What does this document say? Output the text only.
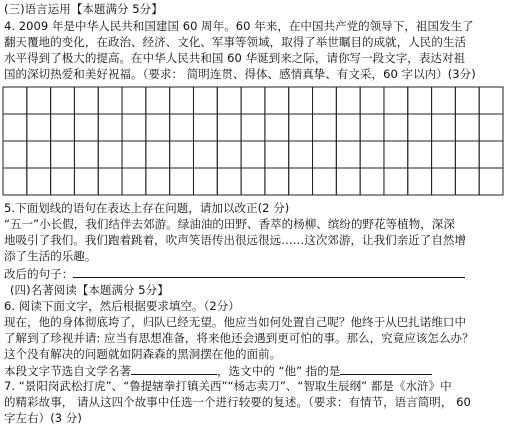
(三)语言运用【本题满分 5分】
4. 2009 年是中华人民共和国建国 60 周年。60 年来，在中国共产党的领导下，祖国发生了
翻天覆地的变化，在政治、经济、文化、军事等领域，取得了举世瞩目的成就，人民的生活
水平得到了极大的提高。在中华人民共和国 60 华诞到来之际，请你写一段文字，表达对祖
国的深切热爱和美好祝福。（要求： 简明连贯、得体、感情真挚、有文采，60 字以内）(3分)
5.下面划线的语句在表达上存在问题，请加以改正(2 分)
“五一”小长假，我们结伴去郊游。绿油油的田野、香萃的杨柳、缤纷的野花等植物，深深
地吸引了我们。我们跑着跳着，吹声笑语传出很远很远……这次郊游，让我们亲近了自然增
添了生活的乐趣。
改后的句子：
(四)名著阅读【本题满分 5分】
6. 阅读下面文字，然后根据要求填空。（2分）
现在，他的身体彻底垮了，归队已经无望。他应当如何处置自己呢？他终于从巴扎诺维口中
了解到了珍视并请: 应当有思想准备，将来他还会遇到更可怕的事。那么，究竟应该怎么办？
这个没有解决的问题就如阴森森的黑洞摆在他的面前。
本段文字节选自文学名著	，选文中的 “他” 指的是
7. “景阳岗武松打虎”、“鲁提辖拳打镇关西”“杨志卖刀”、“智取生辰纲” 都是《水浒》中
的精彩故事， 请从这四个故事中任选一个进行较要的复述。（要求：有情节，语言简明， 60
字左右）(3 分)
